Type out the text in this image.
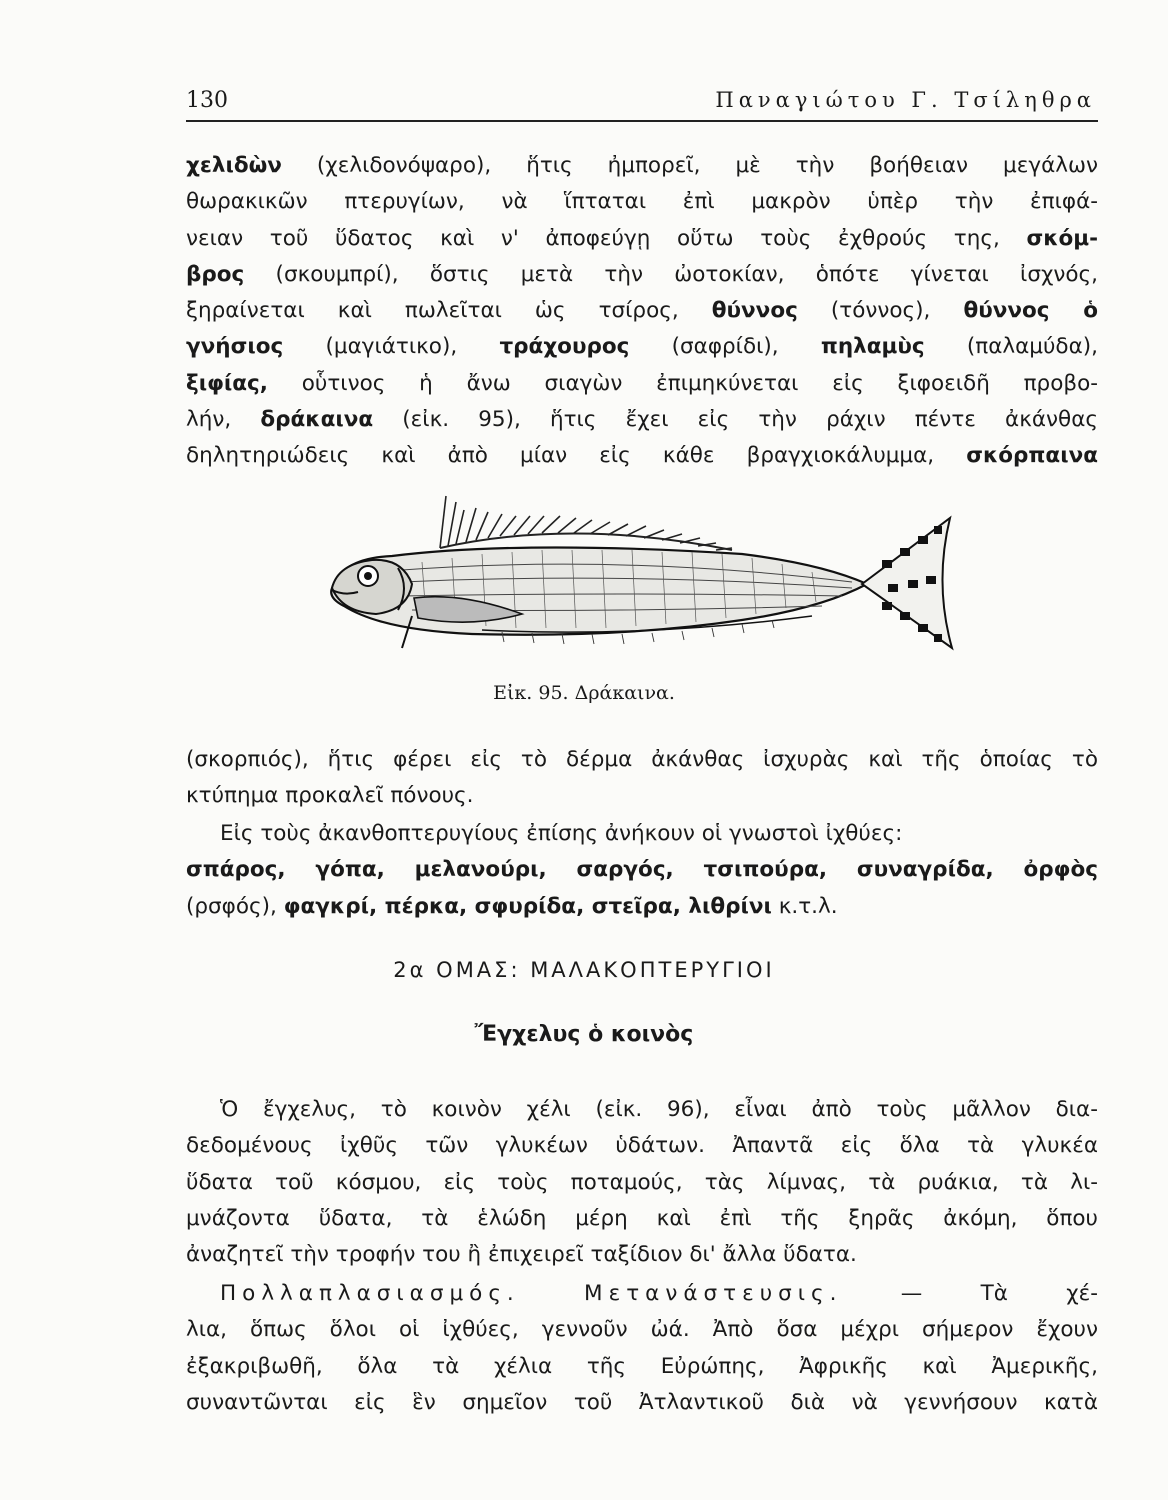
130	Παναγιώτου Γ. Τσίληθρα
χελιδὼν (χελιδονόψαρο), ἥτις ἠμπορεῖ, μὲ τὴν βοήθειαν μεγάλων
θωρακικῶν πτερυγίων, νὰ ἵπταται ἐπὶ μακρὸν ὑπὲρ τὴν ἐπιφά-
νειαν τοῦ ὕδατος καὶ ν' ἀποφεύγῃ οὕτω τοὺς ἐχθρούς της, σκόμ-
βρος (σκουμπρί), ὅστις μετὰ τὴν ὠοτοκίαν, ὁπότε γίνεται ἰσχνός,
ξηραίνεται καὶ πωλεῖται ὡς τσίρος, θύννος (τόννος), θύννος ὁ
γνήσιος (μαγιάτικο), τράχουρος (σαφρίδι), πηλαμὺς (παλαμύδα),
ξιφίας, οὗτινος ἡ ἄνω σιαγὼν ἐπιμηκύνεται εἰς ξιφοειδῆ προβο-
λήν, δράκαινα (εἰκ. 95), ἥτις ἔχει εἰς τὴν ράχιν πέντε ἀκάνθας
δηλητηριώδεις καὶ ἀπὸ μίαν εἰς κάθε βραγχιοκάλυμμα, σκόρπαινα
Εἰκ. 95. Δράκαινα.
(σκορπιός), ἥτις φέρει εἰς τὸ δέρμα ἀκάνθας ἰσχυρὰς καὶ τῆς ὁποίας τὸ
κτύπημα προκαλεῖ πόνους.
Εἰς τοὺς ἀκανθοπτερυγίους ἐπίσης ἀνήκουν οἱ γνωστοὶ ἰχθύες:
σπάρος, γόπα, μελανούρι, σαργός, τσιπούρα, συναγρίδα, ὀρφὸς
(ρσφός), φαγκρί, πέρκα, σφυρίδα, στεῖρα, λιθρίνι κ.τ.λ.
2α ΟΜΑΣ: ΜΑΛΑΚΟΠΤΕΡΥΓΙΟΙ
Ἔγχελυς ὁ κοινὸς
Ὁ ἔγχελυς, τὸ κοινὸν χέλι (εἰκ. 96), εἶναι ἀπὸ τοὺς μᾶλλον δια-
δεδομένους ἰχθῦς τῶν γλυκέων ὑδάτων. Ἀπαντᾶ εἰς ὅλα τὰ γλυκέα
ὕδατα τοῦ κόσμου, εἰς τοὺς ποταμούς, τὰς λίμνας, τὰ ρυάκια, τὰ λι-
μνάζοντα ὕδατα, τὰ ἑλώδη μέρη καὶ ἐπὶ τῆς ξηρᾶς ἀκόμη, ὅπου
ἀναζητεῖ τὴν τροφήν του ἢ ἐπιχειρεῖ ταξίδιον δι' ἄλλα ὕδατα.
Πολλαπλασιασμός. Μετανάστευσις. — Τὰ χέ-
λια, ὅπως ὅλοι οἱ ἰχθύες, γεννοῦν ὠά. Ἀπὸ ὅσα μέχρι σήμερον ἔχουν
ἐξακριβωθῆ, ὅλα τὰ χέλια τῆς Εὐρώπης, Ἀφρικῆς καὶ Ἀμερικῆς,
συναντῶνται εἰς ἓν σημεῖον τοῦ Ἀτλαντικοῦ διὰ νὰ γεννήσουν κατὰ
